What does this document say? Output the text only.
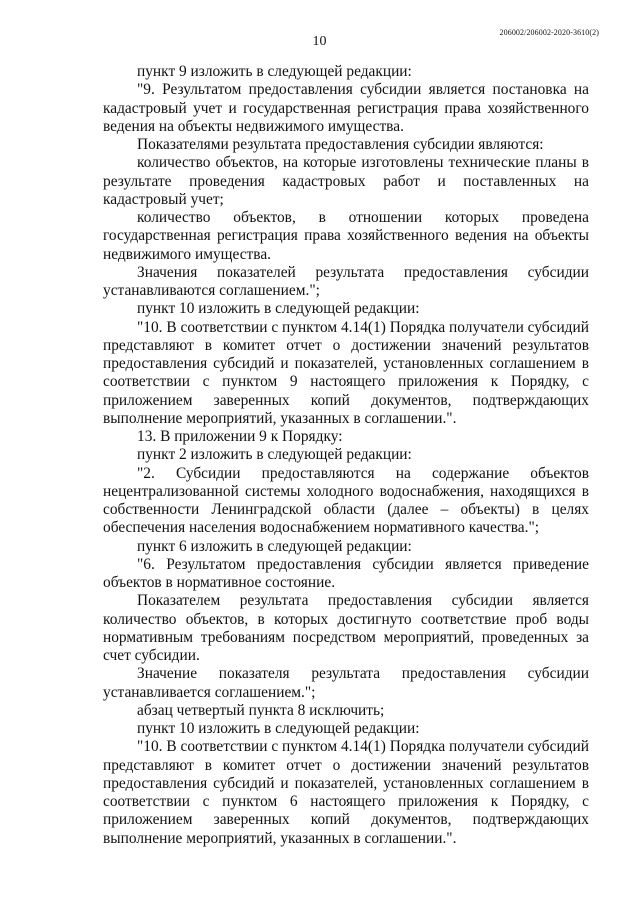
10
206002/206002-2020-3610(2)

пункт 9 изложить в следующей редакции:

"9. Результатом предоставления субсидии является постановка на кадастровый учет и государственная регистрация права хозяйственного ведения на объекты недвижимого имущества.

Показателями результата предоставления субсидии являются:

количество объектов, на которые изготовлены технические планы в результате проведения кадастровых работ и поставленных на кадастровый учет;

количество объектов, в отношении которых проведена государственная регистрация права хозяйственного ведения на объекты недвижимого имущества.

Значения показателей результата предоставления субсидии устанавливаются соглашением.";

пункт 10 изложить в следующей редакции:

"10. В соответствии с пунктом 4.14(1) Порядка получатели субсидий представляют в комитет отчет о достижении значений результатов предоставления субсидий и показателей, установленных соглашением в соответствии с пунктом 9 настоящего приложения к Порядку, с приложением заверенных копий документов, подтверждающих выполнение мероприятий, указанных в соглашении.".

13. В приложении 9 к Порядку:

пункт 2 изложить в следующей редакции:

"2. Субсидии предоставляются на содержание объектов нецентрализованной системы холодного водоснабжения, находящихся в собственности Ленинградской области (далее – объекты) в целях обеспечения населения водоснабжением нормативного качества.";

пункт 6 изложить в следующей редакции:

"6. Результатом предоставления субсидии является приведение объектов в нормативное состояние.

Показателем результата предоставления субсидии является количество объектов, в которых достигнуто соответствие проб воды нормативным требованиям посредством мероприятий, проведенных за счет субсидии.

Значение показателя результата предоставления субсидии устанавливается соглашением.";

абзац четвертый пункта 8 исключить;

пункт 10 изложить в следующей редакции:

"10. В соответствии с пунктом 4.14(1) Порядка получатели субсидий представляют в комитет отчет о достижении значений результатов предоставления субсидий и показателей, установленных соглашением в соответствии с пунктом 6 настоящего приложения к Порядку, с приложением заверенных копий документов, подтверждающих выполнение мероприятий, указанных в соглашении.".
